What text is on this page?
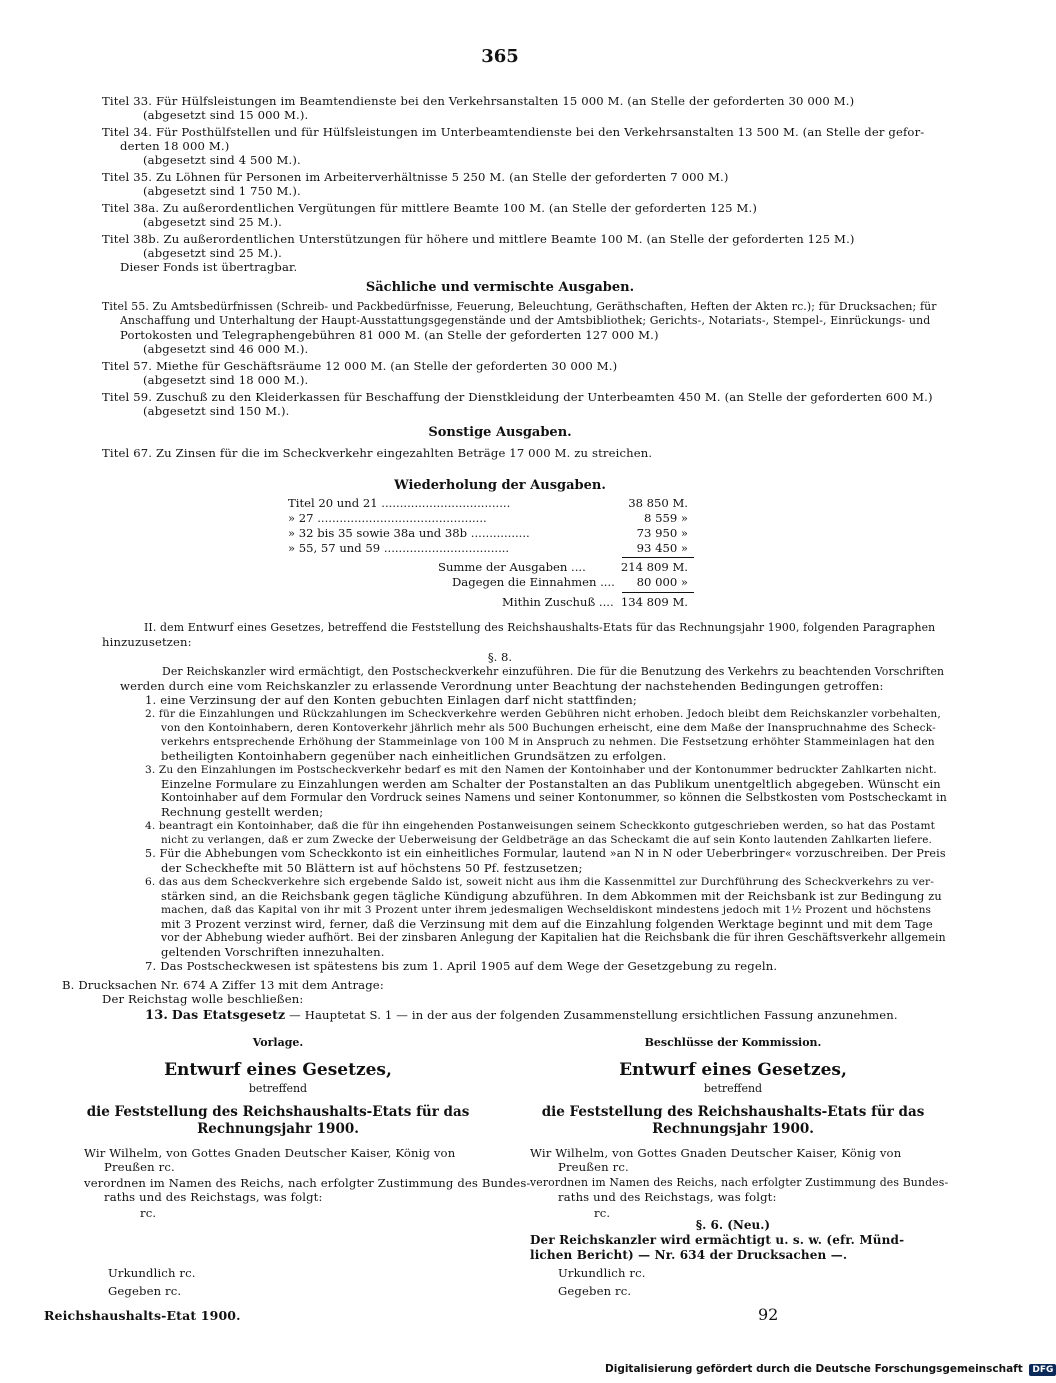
365
Titel 33. Für Hülfsleistungen im Beamtendienste bei den Verkehrsanstalten 15 000 M. (an Stelle der geforderten 30 000 M.)
(abgesetzt sind 15 000 M.).
Titel 34. Für Posthülfstellen und für Hülfsleistungen im Unterbeamtendienste bei den Verkehrsanstalten 13 500 M. (an Stelle der gefor-
derten 18 000 M.)
(abgesetzt sind 4 500 M.).
Titel 35. Zu Löhnen für Personen im Arbeiterverhältnisse 5 250 M. (an Stelle der geforderten 7 000 M.)
(abgesetzt sind 1 750 M.).
Titel 38a. Zu außerordentlichen Vergütungen für mittlere Beamte 100 M. (an Stelle der geforderten 125 M.)
(abgesetzt sind 25 M.).
Titel 38b. Zu außerordentlichen Unterstützungen für höhere und mittlere Beamte 100 M. (an Stelle der geforderten 125 M.)
(abgesetzt sind 25 M.).
Dieser Fonds ist übertragbar.
Sächliche und vermischte Ausgaben.
Titel 55. Zu Amtsbedürfnissen (Schreib- und Packbedürfnisse, Feuerung, Beleuchtung, Geräthschaften, Heften der Akten rc.); für Drucksachen; für
Anschaffung und Unterhaltung der Haupt-Ausstattungsgegenstände und der Amtsbibliothek; Gerichts-, Notariats-, Stempel-, Einrückungs- und
Portokosten und Telegraphengebühren 81 000 M. (an Stelle der geforderten 127 000 M.)
(abgesetzt sind 46 000 M.).
Titel 57. Miethe für Geschäftsräume 12 000 M. (an Stelle der geforderten 30 000 M.)
(abgesetzt sind 18 000 M.).
Titel 59. Zuschuß zu den Kleiderkassen für Beschaffung der Dienstkleidung der Unterbeamten 450 M. (an Stelle der geforderten 600 M.)
(abgesetzt sind 150 M.).
Sonstige Ausgaben.
Titel 67. Zu Zinsen für die im Scheckverkehr eingezahlten Beträge 17 000 M. zu streichen.
Wiederholung der Ausgaben.
Titel 20 und 21 ...................................	38 850 M.
» 27 ..............................................	8 559 »
» 32 bis 35 sowie 38a und 38b ................	73 950 »
» 55, 57 und 59 ..................................	93 450 »
Summe der Ausgaben ....	214 809 M.
Dagegen die Einnahmen ....	80 000 »
Mithin Zuschuß .... 134 809 M.
II. dem Entwurf eines Gesetzes, betreffend die Feststellung des Reichshaushalts-Etats für das Rechnungsjahr 1900, folgenden Paragraphen
hinzuzusetzen:
§. 8.
Der Reichskanzler wird ermächtigt, den Postscheckverkehr einzuführen. Die für die Benutzung des Verkehrs zu beachtenden Vorschriften
werden durch eine vom Reichskanzler zu erlassende Verordnung unter Beachtung der nachstehenden Bedingungen getroffen:
1. eine Verzinsung der auf den Konten gebuchten Einlagen darf nicht stattfinden;
2. für die Einzahlungen und Rückzahlungen im Scheckverkehre werden Gebühren nicht erhoben. Jedoch bleibt dem Reichskanzler vorbehalten,
von den Kontoinhabern, deren Kontoverkehr jährlich mehr als 500 Buchungen erheischt, eine dem Maße der Inanspruchnahme des Scheck-
verkehrs entsprechende Erhöhung der Stammeinlage von 100 M in Anspruch zu nehmen. Die Festsetzung erhöhter Stammeinlagen hat den
betheiligten Kontoinhabern gegenüber nach einheitlichen Grundsätzen zu erfolgen.
3. Zu den Einzahlungen im Postscheckverkehr bedarf es mit den Namen der Kontoinhaber und der Kontonummer bedruckter Zahlkarten nicht.
Einzelne Formulare zu Einzahlungen werden am Schalter der Postanstalten an das Publikum unentgeltlich abgegeben. Wünscht ein
Kontoinhaber auf dem Formular den Vordruck seines Namens und seiner Kontonummer, so können die Selbstkosten vom Postscheckamt in
Rechnung gestellt werden;
4. beantragt ein Kontoinhaber, daß die für ihn eingehenden Postanweisungen seinem Scheckkonto gutgeschrieben werden, so hat das Postamt
nicht zu verlangen, daß er zum Zwecke der Ueberweisung der Geldbeträge an das Scheckamt die auf sein Konto lautenden Zahlkarten liefere.
5. Für die Abhebungen vom Scheckkonto ist ein einheitliches Formular, lautend »an N in N oder Ueberbringer« vorzuschreiben. Der Preis
der Scheckhefte mit 50 Blättern ist auf höchstens 50 Pf. festzusetzen;
6. das aus dem Scheckverkehre sich ergebende Saldo ist, soweit nicht aus ihm die Kassenmittel zur Durchführung des Scheckverkehrs zu ver-
stärken sind, an die Reichsbank gegen tägliche Kündigung abzuführen. In dem Abkommen mit der Reichsbank ist zur Bedingung zu
machen, daß das Kapital von ihr mit 3 Prozent unter ihrem jedesmaligen Wechseldiskont mindestens jedoch mit 1½ Prozent und höchstens
mit 3 Prozent verzinst wird, ferner, daß die Verzinsung mit dem auf die Einzahlung folgenden Werktage beginnt und mit dem Tage
vor der Abhebung wieder aufhört. Bei der zinsbaren Anlegung der Kapitalien hat die Reichsbank die für ihren Geschäftsverkehr allgemein
geltenden Vorschriften innezuhalten.
7. Das Postscheckwesen ist spätestens bis zum 1. April 1905 auf dem Wege der Gesetzgebung zu regeln.
B. Drucksachen Nr. 674 A Ziffer 13 mit dem Antrage:
Der Reichstag wolle beschließen:
13. Das Etatsgesetz — Hauptetat S. 1 — in der aus der folgenden Zusammenstellung ersichtlichen Fassung anzunehmen.
Vorlage.
Entwurf eines Gesetzes,
betreffend
die Feststellung des Reichshaushalts-Etats für das
Rechnungsjahr 1900.
Wir Wilhelm, von Gottes Gnaden Deutscher Kaiser, König von
Preußen rc.
verordnen im Namen des Reichs, nach erfolgter Zustimmung des Bundes-
raths und des Reichstags, was folgt:
rc.
Urkundlich rc.
Gegeben rc.
Beschlüsse der Kommission.
Entwurf eines Gesetzes,
betreffend
die Feststellung des Reichshaushalts-Etats für das
Rechnungsjahr 1900.
Wir Wilhelm, von Gottes Gnaden Deutscher Kaiser, König von
Preußen rc.
verordnen im Namen des Reichs, nach erfolgter Zustimmung des Bundes-
raths und des Reichstags, was folgt:
rc.
§. 6. (Neu.)
Der Reichskanzler wird ermächtigt u. s. w. (efr. Münd-
lichen Bericht) — Nr. 634 der Drucksachen —.
Urkundlich rc.
Gegeben rc.
Reichshaushalts-Etat 1900.	92
Digitalisierung gefördert durch die Deutsche Forschungsgemeinschaft DFG
